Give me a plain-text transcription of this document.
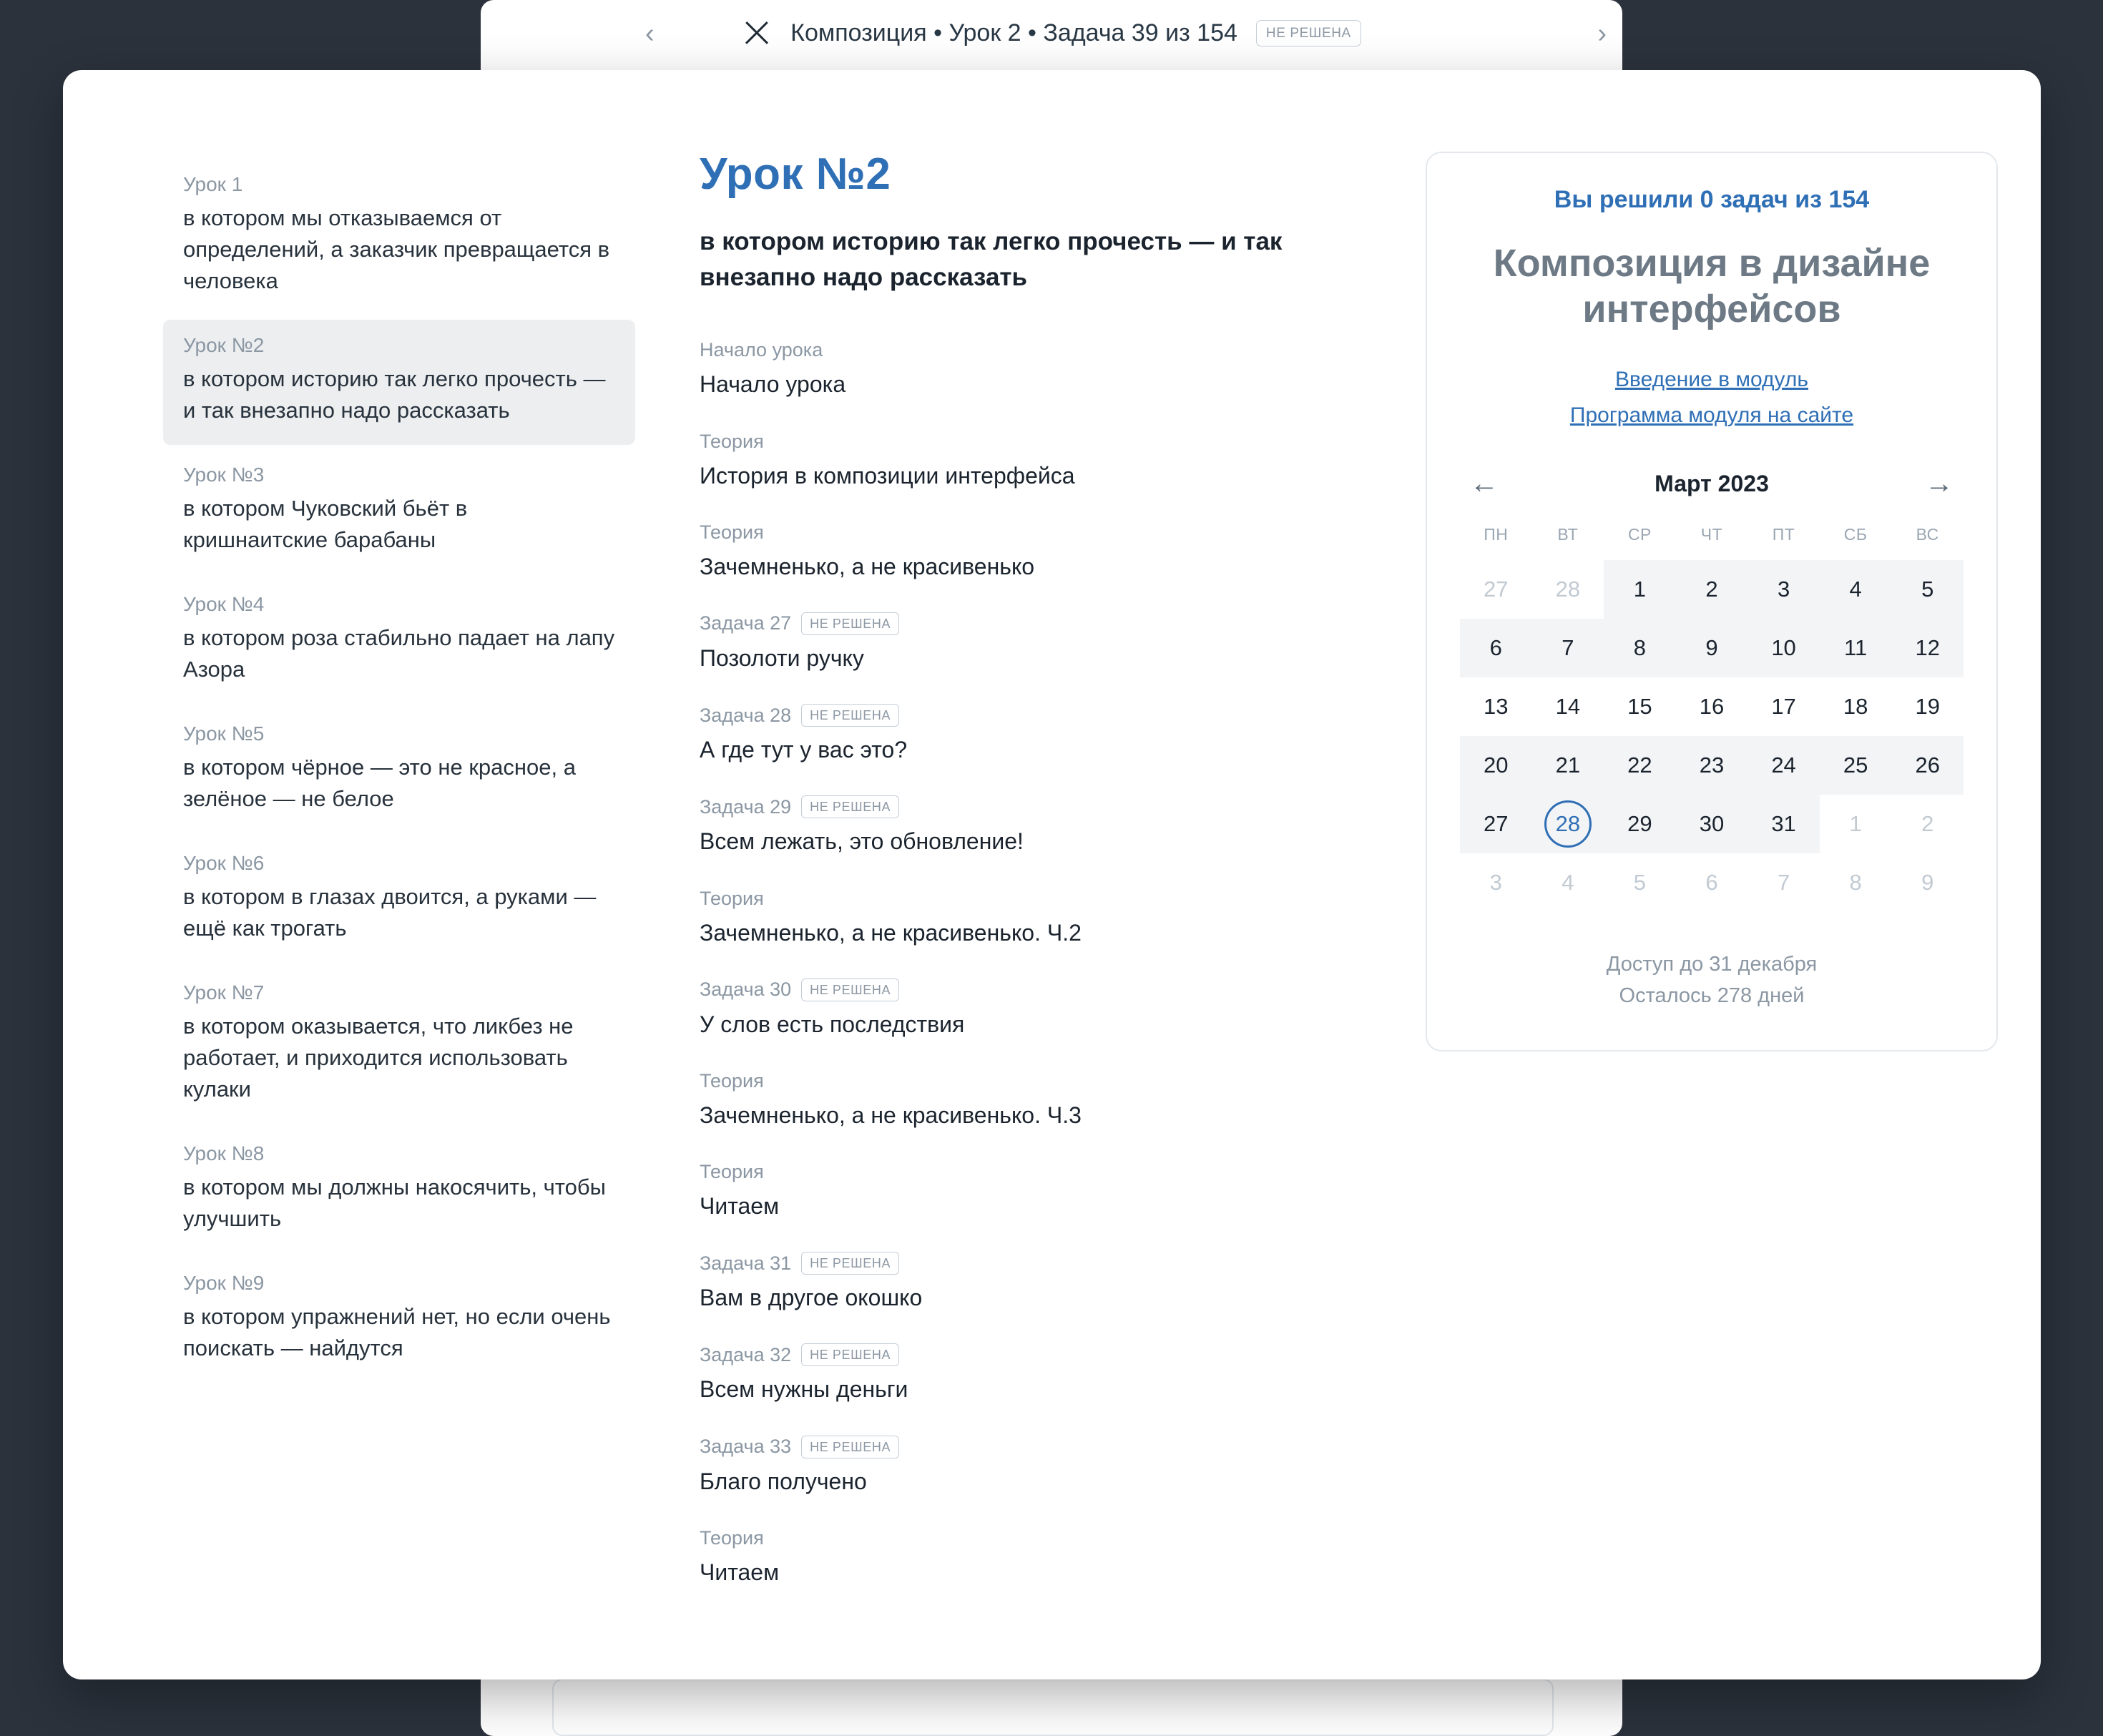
‹	›
Композиция • Урок 2 • Задача 39 из 154	НЕ РЕШЕНА
Урок 1
в котором мы отказываемся от определений, а заказчик превращается в человека
Урок №2
в котором историю так легко прочесть — и так внезапно надо рассказать
Урок №3
в котором Чуковский бьёт в кришнаитские барабаны
Урок №4
в котором роза стабильно падает на лапу Азора
Урок №5
в котором чёрное — это не красное, а зелёное — не белое
Урок №6
в котором в глазах двоится, а руками — ещё как трогать
Урок №7
в котором оказывается, что ликбез не работает, и приходится использовать кулаки
Урок №8
в котором мы должны накосячить, чтобы улучшить
Урок №9
в котором упражнений нет, но если очень поискать — найдутся
Урок №2
в котором историю так легко прочесть — и так внезапно надо рассказать
Начало урока
Начало урока
Теория
История в композиции интерфейса
Теория
Зачемненько, а не красивенько
Задача 27	НЕ РЕШЕНА
Позолоти ручку
Задача 28	НЕ РЕШЕНА
А где тут у вас это?
Задача 29	НЕ РЕШЕНА
Всем лежать, это обновление!
Теория
Зачемненько, а не красивенько. Ч.2
Задача 30	НЕ РЕШЕНА
У слов есть последствия
Теория
Зачемненько, а не красивенько. Ч.3
Теория
Читаем
Задача 31	НЕ РЕШЕНА
Вам в другое окошко
Задача 32	НЕ РЕШЕНА
Всем нужны деньги
Задача 33	НЕ РЕШЕНА
Благо получено
Теория
Читаем
Вы решили 0 задач из 154
Композиция в дизайне интерфейсов
Введение в модуль
Программа модуля на сайте
←	Март 2023	→
ПН	ВТ	СР	ЧТ	ПТ	СБ	ВС
27	28	1	2	3	4	5
6	7	8	9	10	11	12
13	14	15	16	17	18	19
20	21	22	23	24	25	26
27	28	29	30	31	1	2
3	4	5	6	7	8	9
Доступ до 31 декабря
Осталось 278 дней
